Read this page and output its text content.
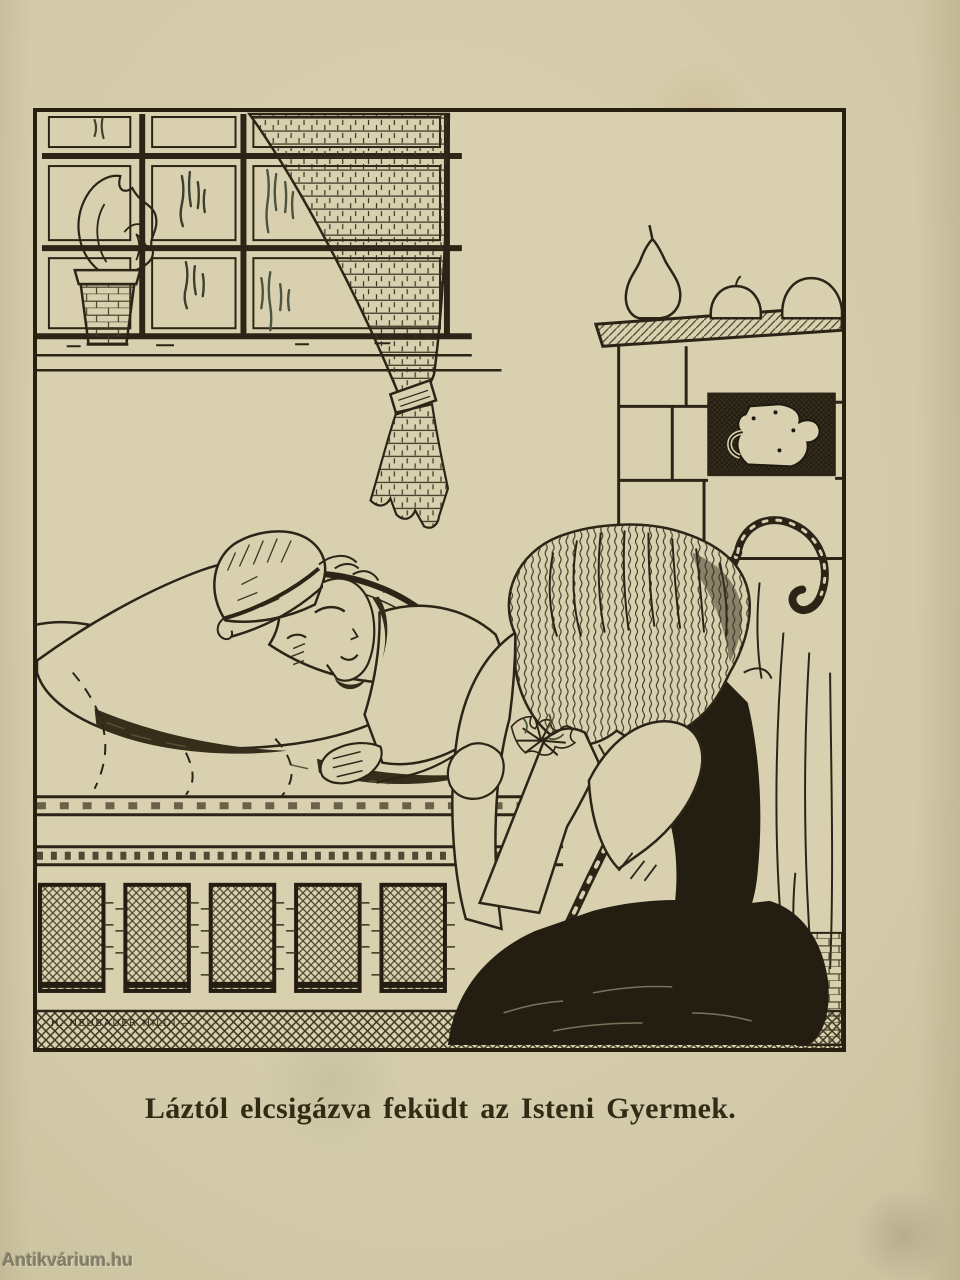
H. NEUBAUER HILDI —
Láztól elcsigázva feküdt az Isteni Gyermek.
Antikvárium.hu
